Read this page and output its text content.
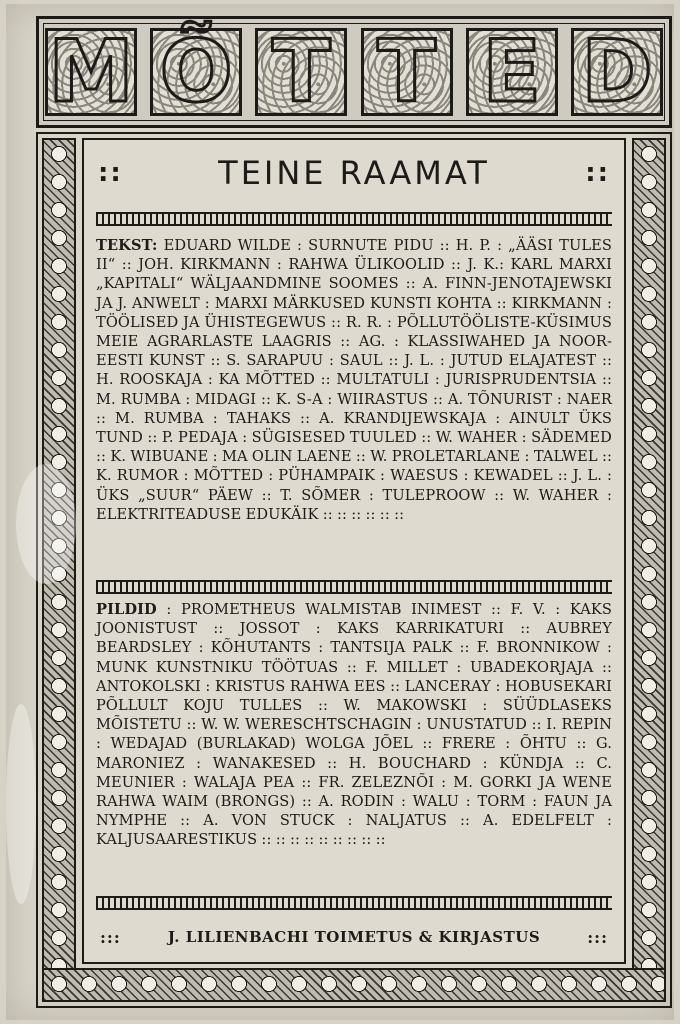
M Õ T T E D
::	TEINE RAAMAT	::
TEKST: EDUARD WILDE : SURNUTE PIDU :: H. P. : „ÄÄSI TULES II“ :: JOH. KIRKMANN : RAHWA ÜLIKOOLID :: J. K.: KARL MARXI „KAPITALI“ WÄLJAANDMINE SOOMES :: A. FINN-JENOTAJEWSKI JA J. ANWELT : MARXI MÄRKUSED KUNSTI KOHTA :: KIRKMANN : TÖÖLISED JA ÜHISTEGEWUS :: R. R. : PÕLLUTÖÖLISTE-KÜSIMUS MEIE AGRARLASTE LAAGRIS :: AG. : KLASSIWAHED JA NOOR-EESTI KUNST :: S. SARAPUU : SAUL :: J. L. : JUTUD ELAJATEST :: H. ROOSKAJA : KA MÕTTED :: MULTATULI : JURISPRUDENTSIA :: M. RUMBA : MIDAGI :: K. S-A : WIIRASTUS :: A. TÕNURIST : NAER :: M. RUMBA : TAHAKS :: A. KRANDIJEWSKAJA : AINULT ÜKS TUND :: P. PEDAJA : SÜGISESED TUULED :: W. WAHER : SÄDEMED :: K. WIBUANE : MA OLIN LAENE :: W. PROLETARLANE : TALWEL :: K. RUMOR : MÕTTED : PÜHAMPAIK : WAESUS : KEWADEL :: J. L. : ÜKS „SUUR“ PÄEW :: T. SÕMER : TULEPROOW :: W. WAHER : ELEKTRITEADUSE EDUKÄIK :: :: :: :: :: ::
PILDID : PROMETHEUS WALMISTAB INIMEST :: F. V. : KAKS JOONISTUST :: JOSSOT : KAKS KARRIKATURI :: AUBREY BEARDSLEY : KÕHUTANTS : TANTSIJA PALK :: F. BRONNIKOW : MUNK KUNSTNIKU TÖÖTUAS :: F. MILLET : UBADEKORJAJA :: ANTOKOLSKI : KRISTUS RAHWA EES :: LANCERAY : HOBUSEKARI PÕLLULT KOJU TULLES :: W. MAKOWSKI : SÜÜDLASEKS MÕISTETU :: W. W. WERESCHTSCHAGIN : UNUSTATUD :: I. REPIN : WEDAJAD (BURLAKAD) WOLGA JÕEL :: FRERE : ÕHTU :: G. MARONIEZ : WANAKESED :: H. BOUCHARD : KÜNDJA :: C. MEUNIER : WALAJA PEA :: FR. ZELEZNÕI : M. GORKI JA WENE RAHWA WAIM (BRONGS) :: A. RODIN : WALU : TORM : FAUN JA NYMPHE :: A. VON STUCK : NALJATUS :: A. EDELFELT : KALJUSAARESTIKUS :: :: :: :: :: :: :: :: ::
:::	J. LILIENBACHI TOIMETUS & KIRJASTUS	:::
